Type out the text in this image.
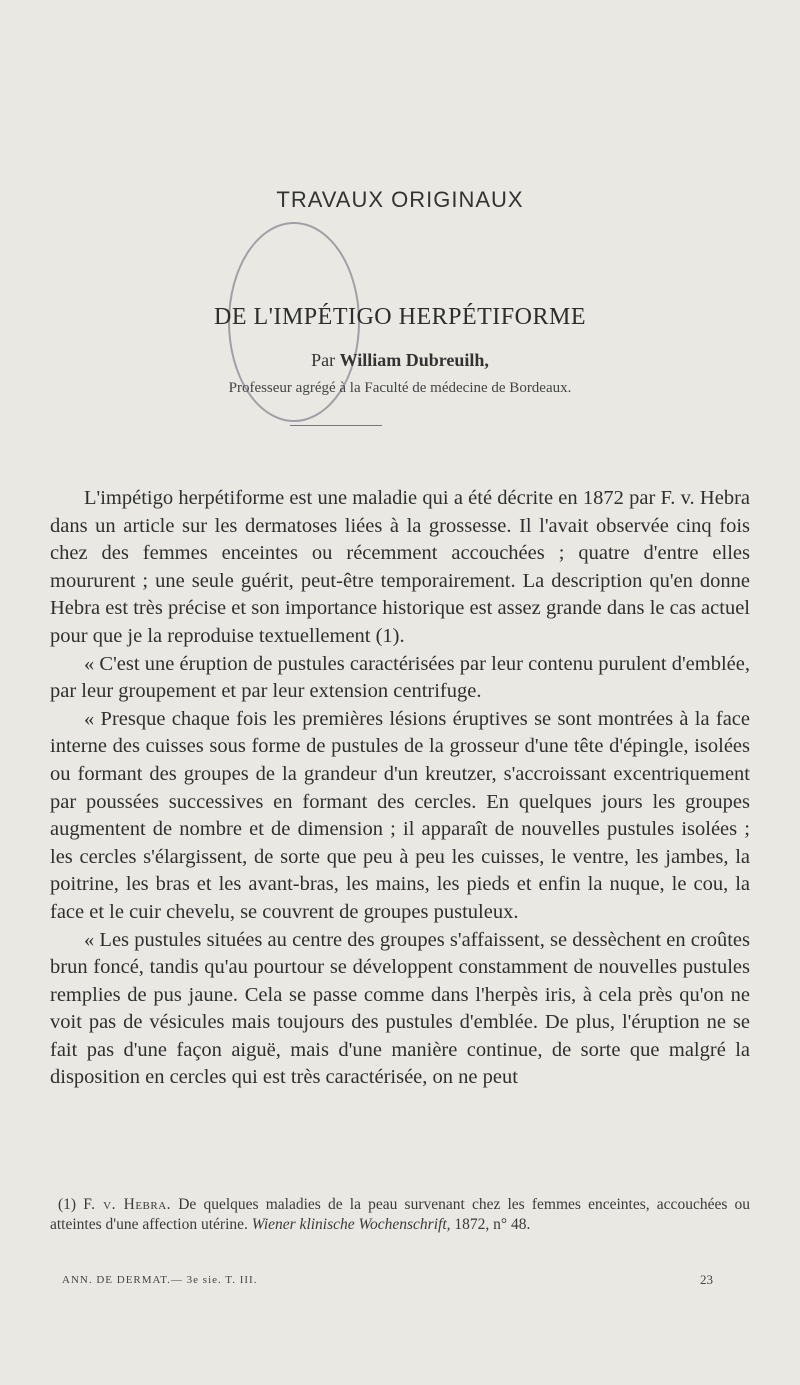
TRAVAUX ORIGINAUX
DE L'IMPÉTIGO HERPÉTIFORME
Par William Dubreuilh,
Professeur agrégé à la Faculté de médecine de Bordeaux.

L'impétigo herpétiforme est une maladie qui a été décrite en 1872 par F. v. Hebra dans un article sur les dermatoses liées à la grossesse. Il l'avait observée cinq fois chez des femmes enceintes ou récemment accouchées ; quatre d'entre elles moururent ; une seule guérit, peut-être temporairement. La description qu'en donne Hebra est très précise et son importance historique est assez grande dans le cas actuel pour que je la reproduise textuellement (1).

« C'est une éruption de pustules caractérisées par leur contenu purulent d'emblée, par leur groupement et par leur extension centrifuge.

« Presque chaque fois les premières lésions éruptives se sont montrées à la face interne des cuisses sous forme de pustules de la grosseur d'une tête d'épingle, isolées ou formant des groupes de la grandeur d'un kreutzer, s'accroissant excentriquement par poussées successives en formant des cercles. En quelques jours les groupes augmentent de nombre et de dimension ; il apparaît de nouvelles pustules isolées ; les cercles s'élargissent, de sorte que peu à peu les cuisses, le ventre, les jambes, la poitrine, les bras et les avant-bras, les mains, les pieds et enfin la nuque, le cou, la face et le cuir chevelu, se couvrent de groupes pustuleux.

« Les pustules situées au centre des groupes s'affaissent, se dessèchent en croûtes brun foncé, tandis qu'au pourtour se développent constamment de nouvelles pustules remplies de pus jaune. Cela se passe comme dans l'herpès iris, à cela près qu'on ne voit pas de vésicules mais toujours des pustules d'emblée. De plus, l'éruption ne se fait pas d'une façon aiguë, mais d'une manière continue, de sorte que malgré la disposition en cercles qui est très caractérisée, on ne peut

(1) F. v. Hebra. De quelques maladies de la peau survenant chez les femmes enceintes, accouchées ou atteintes d'une affection utérine. Wiener klinische Wochenschrift, 1872, n° 48.
ANN. DE DERMAT.— 3e sie. T. III.	23
